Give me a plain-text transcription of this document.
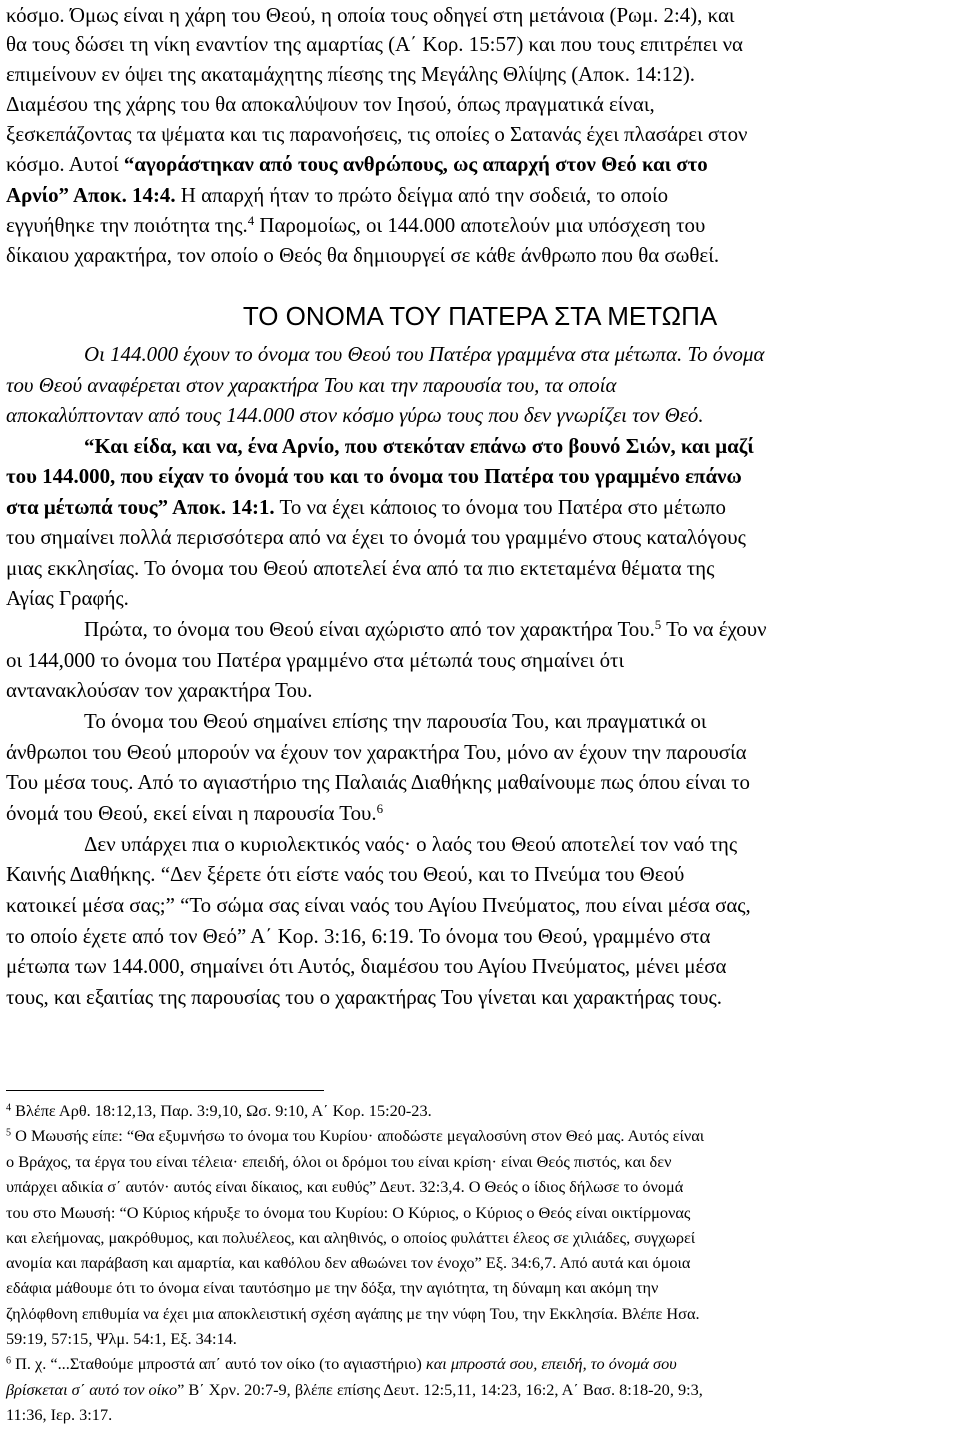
κόσμο. Όμως είναι η χάρη του Θεού, η οποία τους οδηγεί στη μετάνοια (Ρωμ. 2:4), και
θα τους δώσει τη νίκη εναντίον της αμαρτίας (Α΄ Κορ. 15:57) και που τους επιτρέπει να
επιμείνουν εν όψει της ακαταμάχητης πίεσης της Μεγάλης Θλίψης (Αποκ. 14:12).
Διαμέσου της χάρης του θα αποκαλύψουν τον Ιησού, όπως πραγματικά είναι,
ξεσκεπάζοντας τα ψέματα και τις παρανοήσεις, τις οποίες ο Σατανάς έχει πλασάρει στον
κόσμο. Αυτοί “αγοράστηκαν από τους ανθρώπους, ως απαρχή στον Θεό και στο
Αρνίο” Αποκ. 14:4. Η απαρχή ήταν το πρώτο δείγμα από την σοδειά, το οποίο
εγγυήθηκε την ποιότητα της.$^4$ Παρομοίως, οι 144.000 αποτελούν μια υπόσχεση του
δίκαιου χαρακτήρα, τον οποίο ο Θεός θα δημιουργεί σε κάθε άνθρωπο που θα σωθεί.
ΤΟ ΟΝΟΜΑ ΤΟΥ ΠΑΤΕΡΑ ΣΤΑ ΜΕΤΩΠΑ
Οι 144.000 έχουν το όνομα του Θεού του Πατέρα γραμμένα στα μέτωπα. Το όνομα
του Θεού αναφέρεται στον χαρακτήρα Του και την παρουσία του, τα οποία
αποκαλύπτονταν από τους 144.000 στον κόσμο γύρω τους που δεν γνωρίζει τον Θεό.
“Και είδα, και να, ένα Αρνίο, που στεκόταν επάνω στο βουνό Σιών, και μαζί
του 144.000, που είχαν το όνομά του και το όνομα του Πατέρα του γραμμένο επάνω
στα μέτωπά τους” Αποκ. 14:1. Το να έχει κάποιος το όνομα του Πατέρα στο μέτωπο
του σημαίνει πολλά περισσότερα από να έχει το όνομά του γραμμένο στους καταλόγους
μιας εκκλησίας. Το όνομα του Θεού αποτελεί ένα από τα πιο εκτεταμένα θέματα της
Αγίας Γραφής.
Πρώτα, το όνομα του Θεού είναι αχώριστο από τον χαρακτήρα Του.$^5$ Το να έχουν
οι 144,000 το όνομα του Πατέρα γραμμένο στα μέτωπά τους σημαίνει ότι
αντανακλούσαν τον χαρακτήρα Του.
Το όνομα του Θεού σημαίνει επίσης την παρουσία Του, και πραγματικά οι
άνθρωποι του Θεού μπορούν να έχουν τον χαρακτήρα Του, μόνο αν έχουν την παρουσία
Του μέσα τους. Από το αγιαστήριο της Παλαιάς Διαθήκης μαθαίνουμε πως όπου είναι το
όνομά του Θεού, εκεί είναι η παρουσία Του.$^6$
Δεν υπάρχει πια ο κυριολεκτικός ναός· ο λαός του Θεού αποτελεί τον ναό της
Καινής Διαθήκης. “Δεν ξέρετε ότι είστε ναός του Θεού, και το Πνεύμα του Θεού
κατοικεί μέσα σας;” “Το σώμα σας είναι ναός του Αγίου Πνεύματος, που είναι μέσα σας,
το οποίο έχετε από τον Θεό” Α΄ Κορ. 3:16, 6:19. Το όνομα του Θεού, γραμμένο στα
μέτωπα των 144.000, σημαίνει ότι Αυτός, διαμέσου του Αγίου Πνεύματος, μένει μέσα
τους, και εξαιτίας της παρουσίας του ο χαρακτήρας Του γίνεται και χαρακτήρας τους.
$^4$ Βλέπε Αρθ. 18:12,13, Παρ. 3:9,10, Ωσ. 9:10, Α΄ Κορ. 15:20-23.
$^5$ Ο Μωυσής είπε: “Θα εξυμνήσω το όνομα του Κυρίου· αποδώστε μεγαλοσύνη στον Θεό μας. Αυτός είναι
ο Βράχος, τα έργα του είναι τέλεια· επειδή, όλοι οι δρόμοι του είναι κρίση· είναι Θεός πιστός, και δεν
υπάρχει αδικία σ΄ αυτόν· αυτός είναι δίκαιος, και ευθύς” Δευτ. 32:3,4. Ο Θεός ο ίδιος δήλωσε το όνομά
του στο Μωυσή: “Ο Κύριος κήρυξε το όνομα του Κυρίου: Ο Κύριος, ο Κύριος ο Θεός είναι οικτίρμονας
και ελεήμονας, μακρόθυμος, και πολυέλεος, και αληθινός, ο οποίος φυλάττει έλεος σε χιλιάδες, συγχωρεί
ανομία και παράβαση και αμαρτία, και καθόλου δεν αθωώνει τον ένοχο” Εξ. 34:6,7. Από αυτά και όμοια
εδάφια μάθουμε ότι το όνομα είναι ταυτόσημο με την δόξα, την αγιότητα, τη δύναμη και ακόμη την
ζηλόφθονη επιθυμία να έχει μια αποκλειστική σχέση αγάπης με την νύφη Του, την Εκκλησία. Βλέπε Ησα.
59:19, 57:15, Ψλμ. 54:1, Εξ. 34:14.
$^6$ Π. χ. “...Σταθούμε μπροστά απ΄ αυτό τον οίκο (το αγιαστήριο) και μπροστά σου, επειδή, το όνομά σου
βρίσκεται σ΄ αυτό τον οίκο” Β΄ Χρν. 20:7-9, βλέπε επίσης Δευτ. 12:5,11, 14:23, 16:2, Α΄ Βασ. 8:18-20, 9:3,
11:36, Ιερ. 3:17.
